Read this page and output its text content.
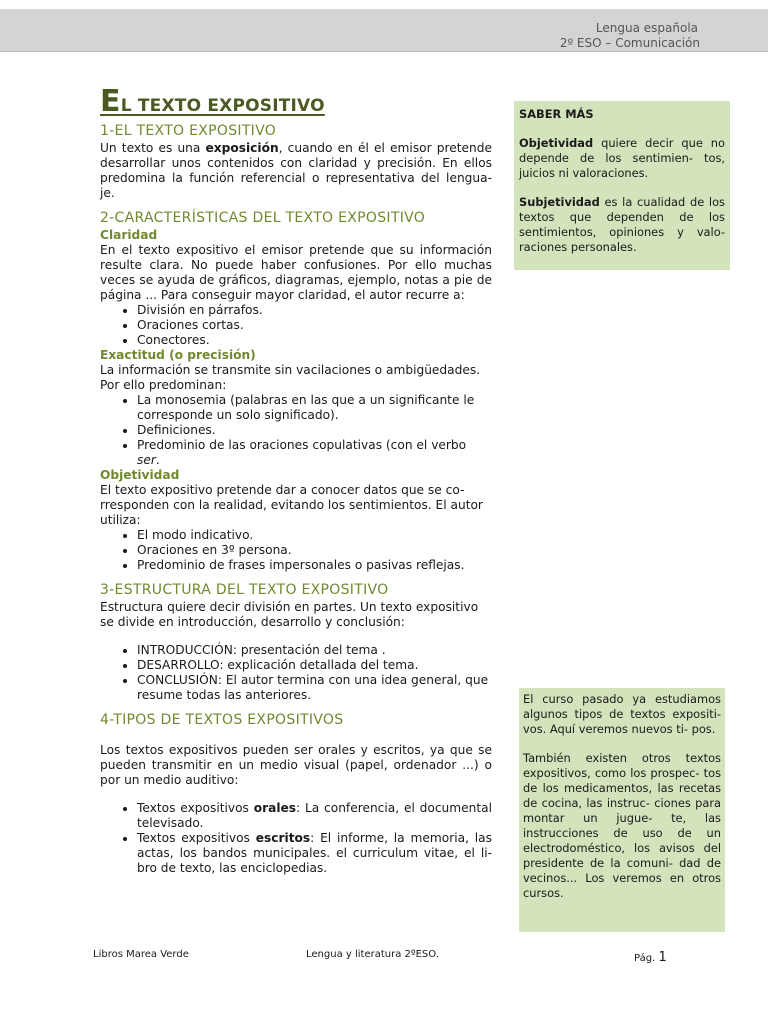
Lengua española
2º ESO – Comunicación
EL TEXTO EXPOSITIVO
1-EL TEXTO EXPOSITIVO

Un texto es una exposición, cuando en él el emisor pretende desarrollar unos contenidos con claridad y precisión. En ellos predomina la función referencial o representativa del lengua- je.

2-CARACTERÍSTICAS DEL TEXTO EXPOSITIVO
Claridad

En el texto expositivo el emisor pretende que su información resulte clara. No puede haber confusiones. Por ello muchas veces se ayuda de gráficos, diagramas, ejemplo, notas a pie de página ... Para conseguir mayor claridad, el autor recurre a:

• División en párrafos.
• Oraciones cortas.
• Conectores.
Exactitud (o precisión)

La información se transmite sin vacilaciones o ambigüedades. Por ello predominan:

• La monosemia (palabras en las que a un significante le corresponde un solo significado).
• Definiciones.
• Predominio de las oraciones copulativas (con el verbo ser.
Objetividad

El texto expositivo pretende dar a conocer datos que se co- rresponden con la realidad, evitando los sentimientos. El autor utiliza:

• El modo indicativo.
• Oraciones en 3º persona.
• Predominio de frases impersonales o pasivas reflejas.
3-ESTRUCTURA DEL TEXTO EXPOSITIVO

Estructura quiere decir división en partes. Un texto expositivo se divide en introducción, desarrollo y conclusión:

• INTRODUCCIÓN: presentación del tema .
• DESARROLLO: explicación detallada del tema.
• CONCLUSIÓN: El autor termina con una idea general, que resume todas las anteriores.
4-TIPOS DE TEXTOS EXPOSITIVOS

Los textos expositivos pueden ser orales y escritos, ya que se pueden transmitir en un medio visual (papel, ordenador ...) o por un medio auditivo:

• Textos expositivos orales: La conferencia, el documental televisado.
• Textos expositivos escritos: El informe, la memoria, las actas, los bandos municipales. el curriculum vitae, el li- bro de texto, las enciclopedias.
SABER MÁS

Objetividad quiere decir que no depende de los sentimien- tos, juicios ni valoraciones.

Subjetividad es la cualidad de los textos que dependen de los sentimientos, opiniones y valo- raciones personales.

El curso pasado ya estudiamos algunos tipos de textos expositi- vos. Aquí veremos nuevos ti- pos.

También existen otros textos expositivos, como los prospec- tos de los medicamentos, las recetas de cocina, las instruc- ciones para montar un jugue- te, las instrucciones de uso de un electrodoméstico, los avisos del presidente de la comuni- dad de vecinos... Los veremos en otros cursos.

Libros Marea Verde	Lengua y literatura 2ºESO.	Pág. 1
